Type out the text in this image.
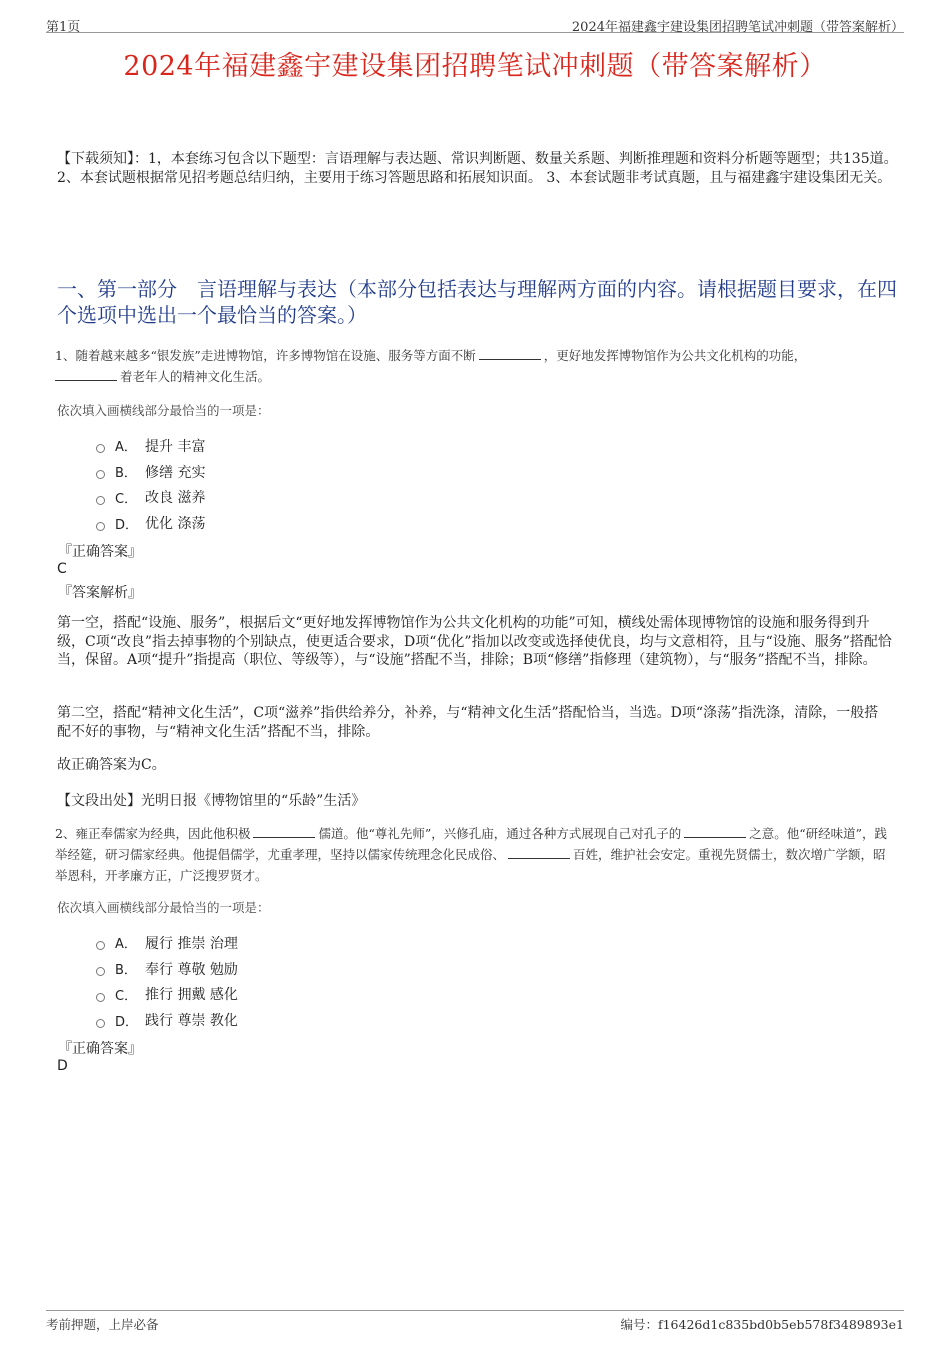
第1页	2024年福建鑫宇建设集团招聘笔试冲刺题（带答案解析）
2024年福建鑫宇建设集团招聘笔试冲刺题（带答案解析）
【下载须知】：1，本套练习包含以下题型：言语理解与表达题、常识判断题、数量关系题、判断推理题和资料分析题等题型；共135道。 2、本套试题根据常见招考题总结归纳，主要用于练习答题思路和拓展知识面。 3、本套试题非考试真题，且与福建鑫宇建设集团无关。
一、第一部分　言语理解与表达（本部分包括表达与理解两方面的内容。请根据题目要求，在四个选项中选出一个最恰当的答案。）
1、随着越来越多“银发族”走进博物馆，许多博物馆在设施、服务等方面不断	，更好地发挥博物馆作为公共文化机构的功能，
着老年人的精神文化生活。
依次填入画横线部分最恰当的一项是：
A． 提升 丰富
B． 修缮 充实
C． 改良 滋养
D． 优化 涤荡
『正确答案』
C
『答案解析』
第一空，搭配“设施、服务”，根据后文“更好地发挥博物馆作为公共文化机构的功能”可知，横线处需体现博物馆的设施和服务得到升级，C项“改良”指去掉事物的个别缺点，使更适合要求，D项“优化”指加以改变或选择使优良，均与文意相符，且与“设施、服务”搭配恰当，保留。A项“提升”指提高（职位、等级等），与“设施”搭配不当，排除；B项“修缮”指修理（建筑物），与“服务”搭配不当，排除。
第二空，搭配“精神文化生活”，C项“滋养”指供给养分，补养，与“精神文化生活”搭配恰当，当选。D项“涤荡”指洗涤，清除，一般搭配不好的事物，与“精神文化生活”搭配不当，排除。
故正确答案为C。
【文段出处】光明日报《博物馆里的“乐龄”生活》
2、雍正奉儒家为经典，因此他积极	儒道。他“尊礼先师”，兴修孔庙，通过各种方式展现自己对孔子的	之意。他“研经味道”，践举经筵，研习儒家经典。他提倡儒学，尤重孝理，坚持以儒家传统理念化民成俗、	百姓，维护社会安定。重视先贤儒士，数次增广学额，昭举恩科，开孝廉方正，广泛搜罗贤才。
依次填入画横线部分最恰当的一项是：
A． 履行 推崇 治理
B． 奉行 尊敬 勉励
C． 推行 拥戴 感化
D． 践行 尊崇 教化
『正确答案』
D
考前押题，上岸必备	编号：f16426d1c835bd0b5eb578f3489893e1
